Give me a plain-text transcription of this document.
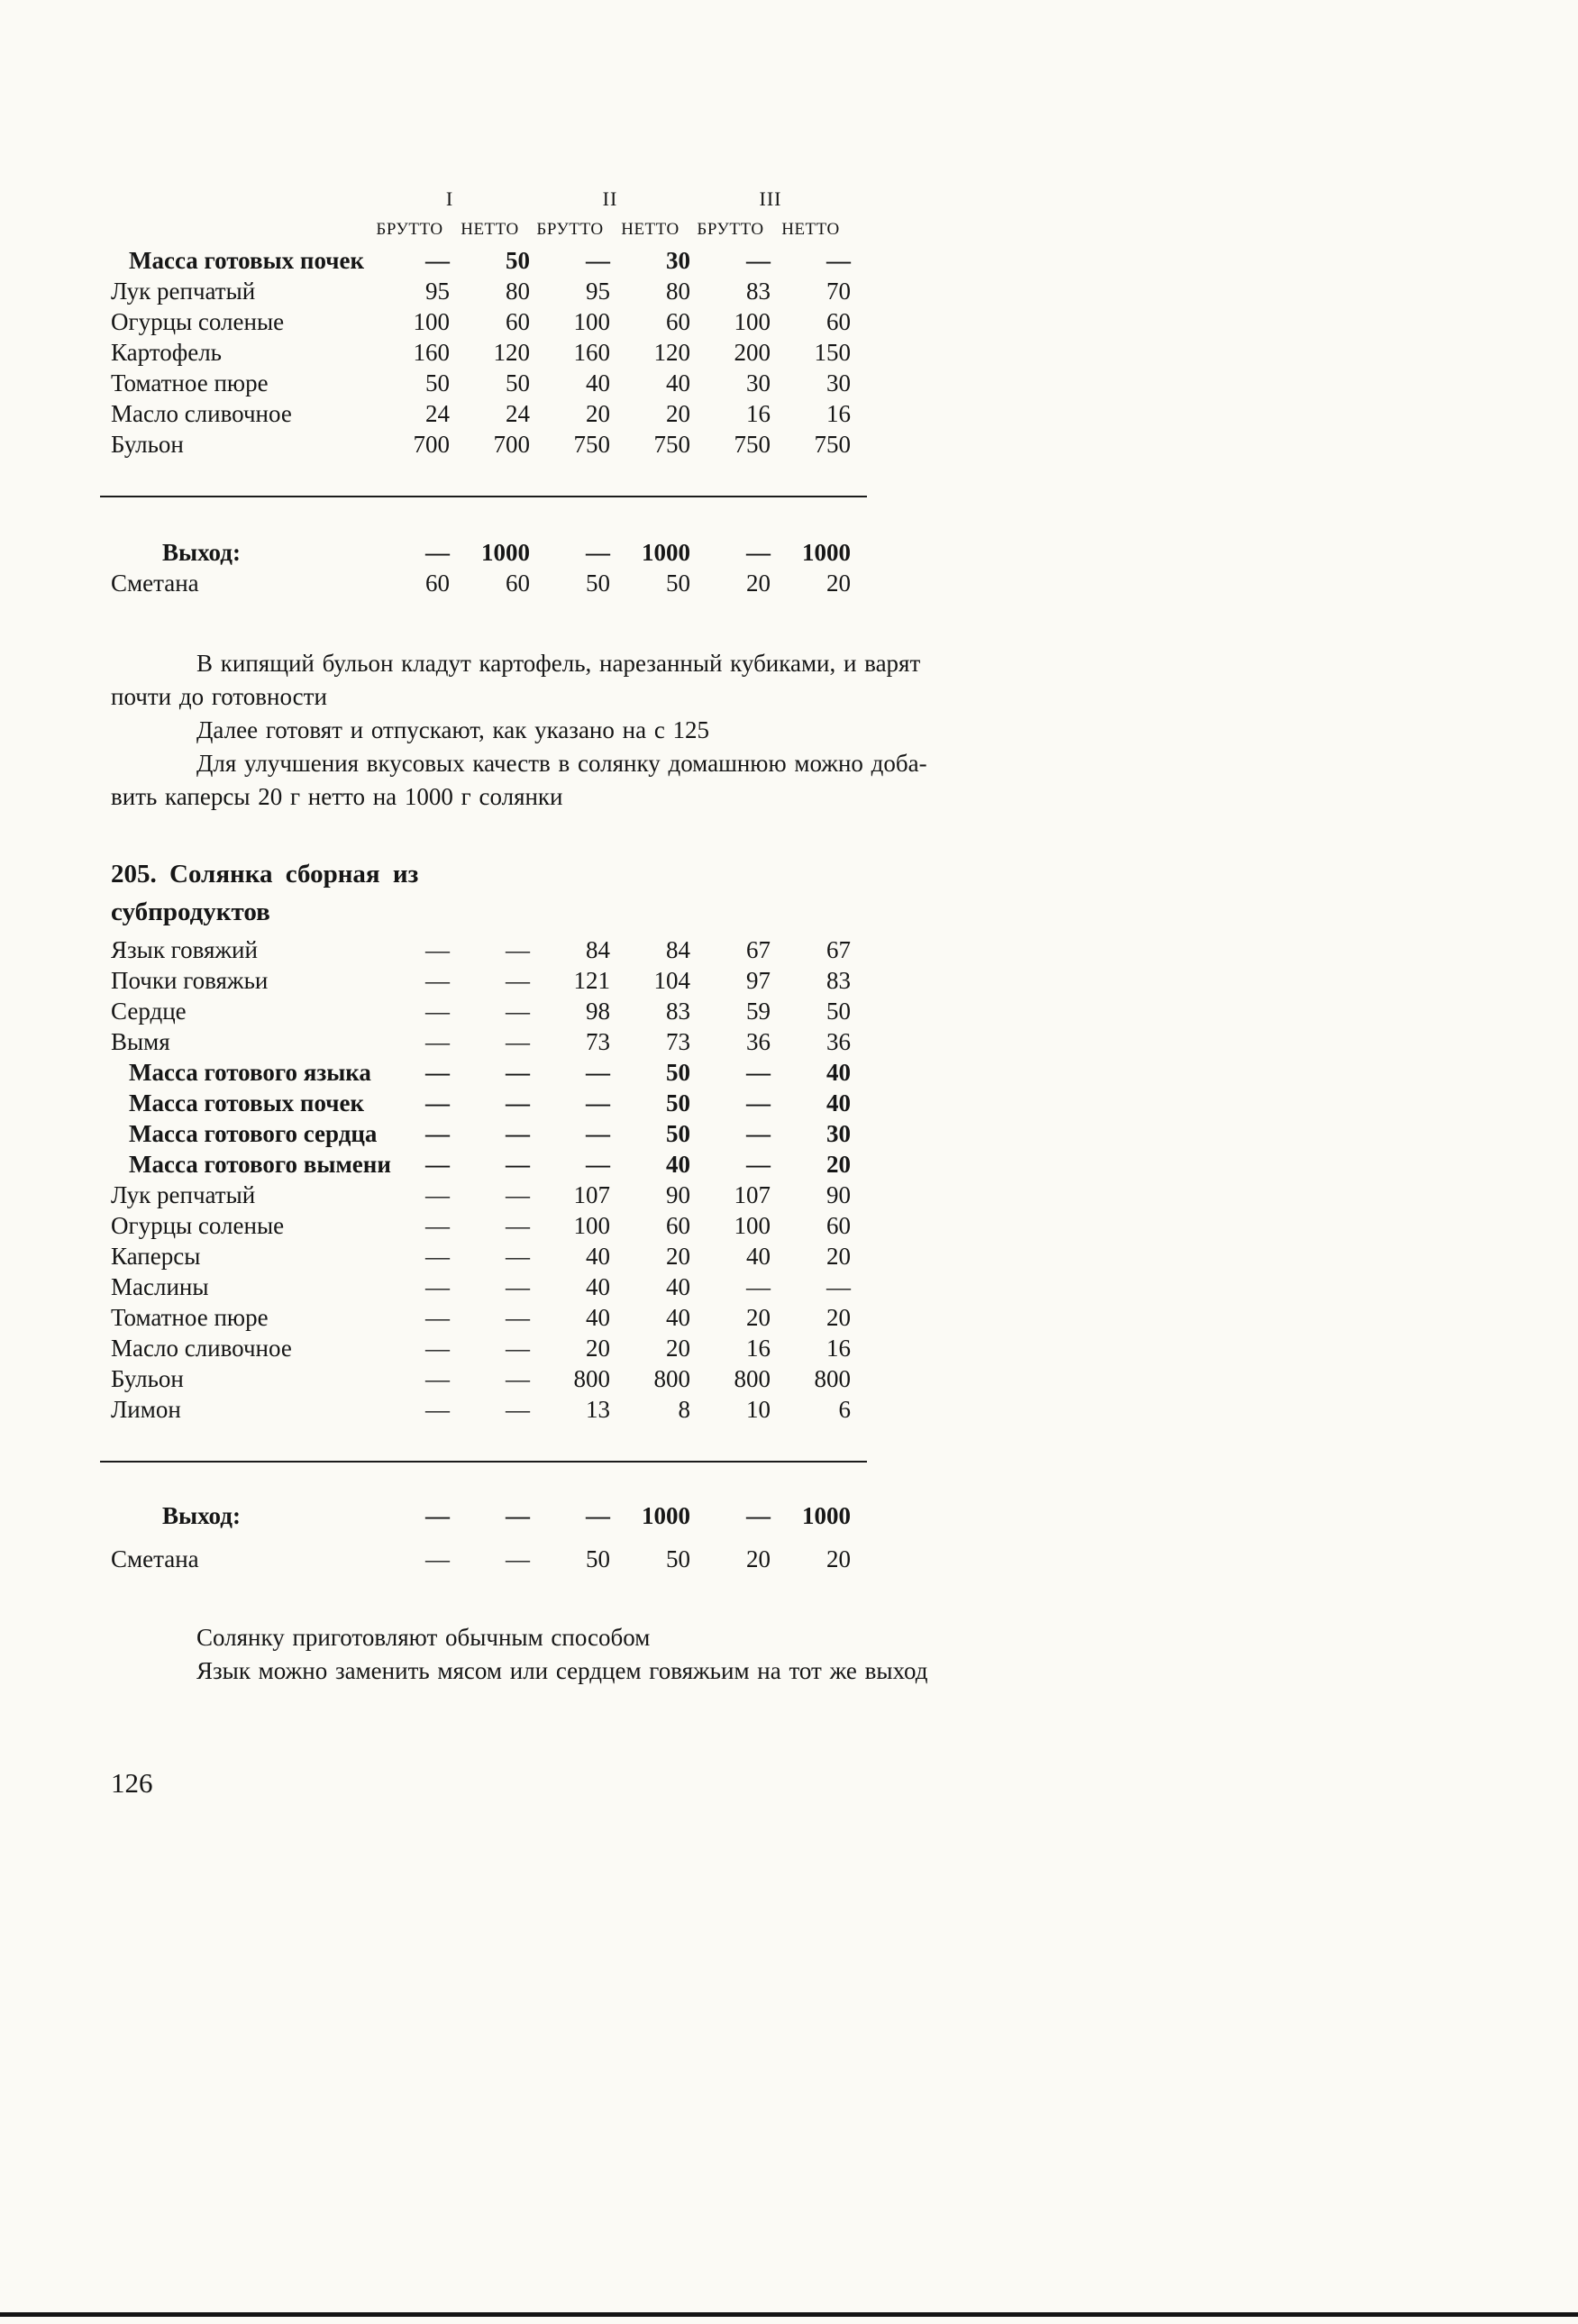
I	II	III
БРУТТО	НЕТТО	БРУТТО	НЕТТО	БРУТТО	НЕТТО
Масса готовых почек	—	50	—	30	—	—
Лук репчатый	95	80	95	80	83	70
Огурцы соленые	100	60	100	60	100	60
Картофель	160	120	160	120	200	150
Томатное пюре	50	50	40	40	30	30
Масло сливочное	24	24	20	20	16	16
Бульон	700	700	750	750	750	750
Выход:	—	1000	—	1000	—	1000
Сметана	60	60	50	50	20	20
В кипящий бульон кладут картофель, нарезанный кубиками, и варят
почти до готовности
Далее готовят и отпускают, как указано на с 125
Для улучшения вкусовых качеств в солянку домашнюю можно доба-
вить каперсы 20 г нетто на 1000 г солянки
205. Солянка сборная из
субпродуктов
Язык говяжий	—	—	84	84	67	67
Почки говяжьи	—	—	121	104	97	83
Сердце	—	—	98	83	59	50
Вымя	—	—	73	73	36	36
Масса готового языка	—	—	—	50	—	40
Масса готовых почек	—	—	—	50	—	40
Масса готового сердца	—	—	—	50	—	30
Масса готового вымени	—	—	—	40	—	20
Лук репчатый	—	—	107	90	107	90
Огурцы соленые	—	—	100	60	100	60
Каперсы	—	—	40	20	40	20
Маслины	—	—	40	40	—	—
Томатное пюре	—	—	40	40	20	20
Масло сливочное	—	—	20	20	16	16
Бульон	—	—	800	800	800	800
Лимон	—	—	13	8	10	6
Выход:	—	—	—	1000	—	1000
Сметана	—	—	50	50	20	20
Солянку приготовляют обычным способом
Язык можно заменить мясом или сердцем говяжьим на тот же выход
126
